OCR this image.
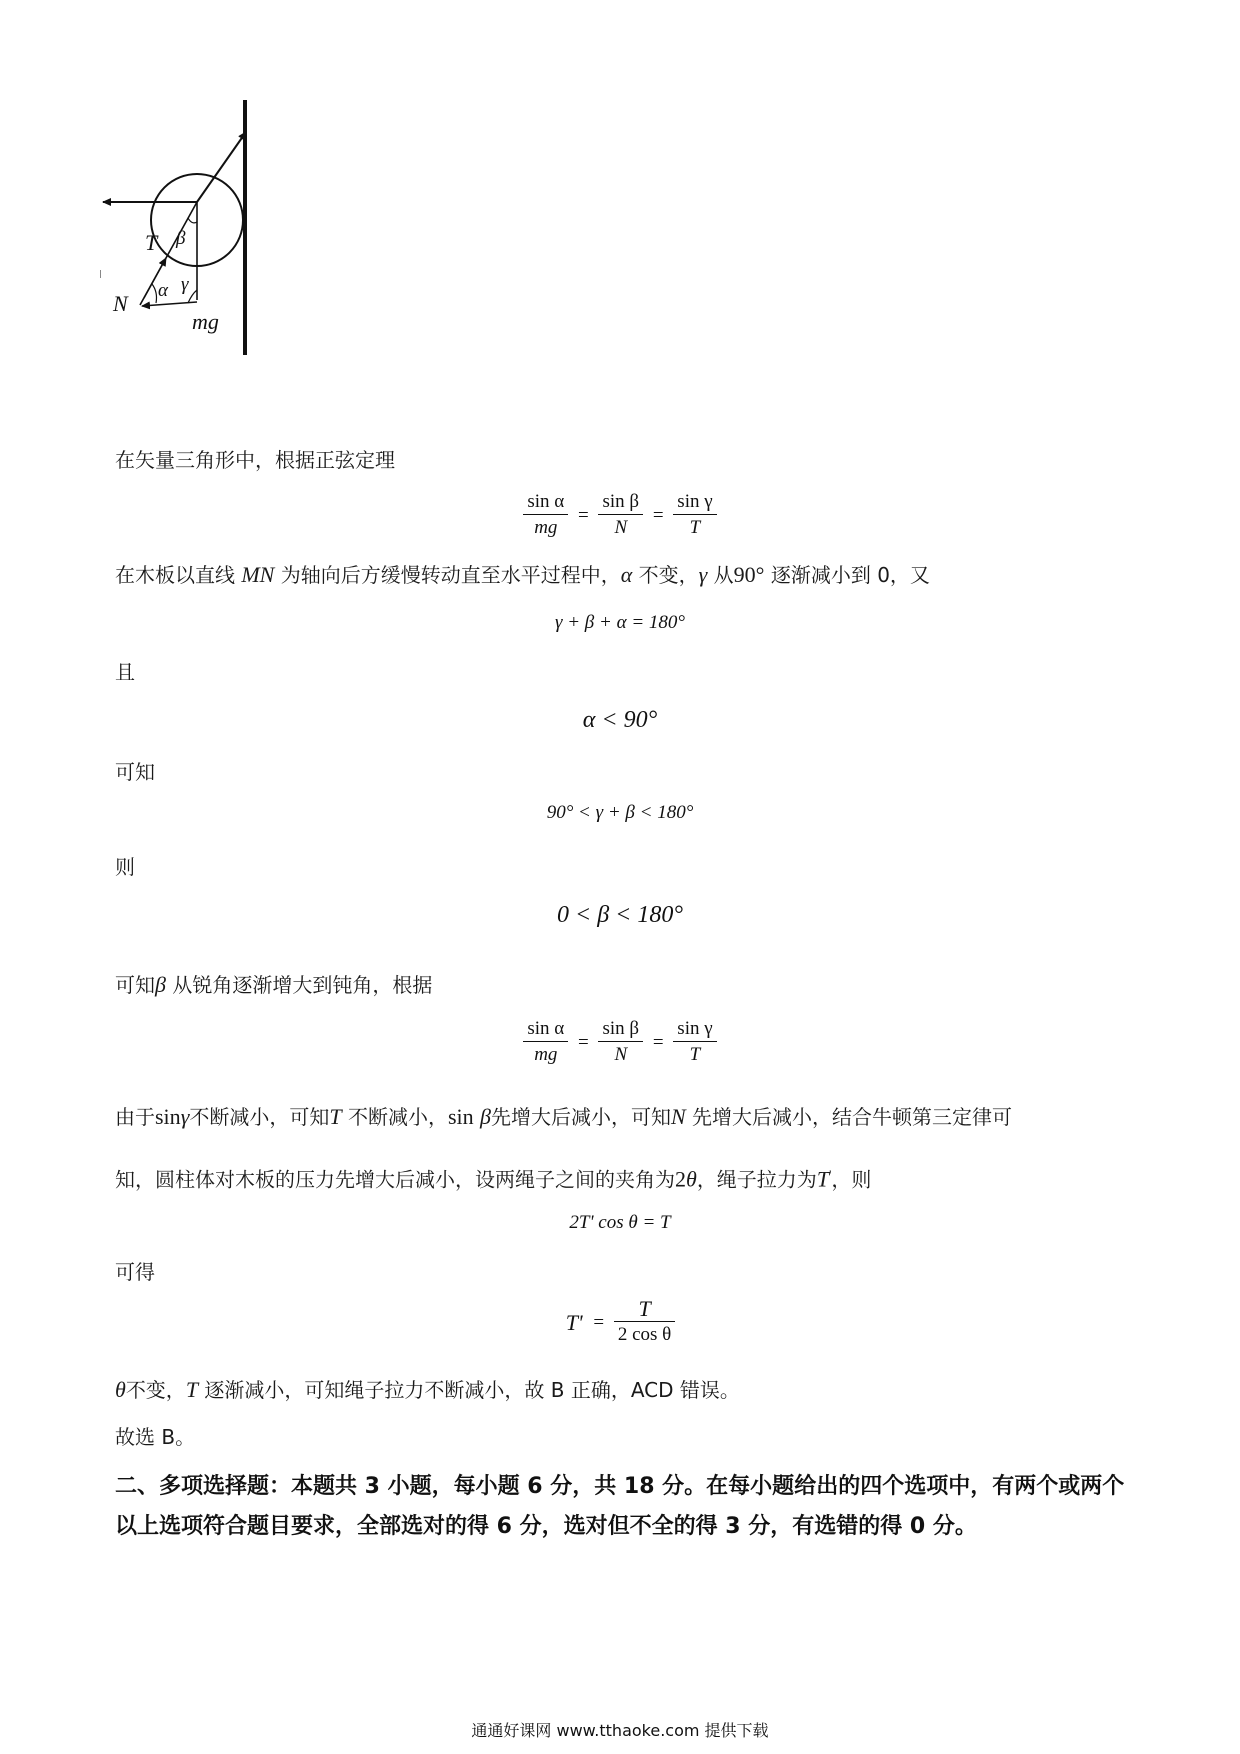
T β
α γ
N
mg
在矢量三角形中，根据正弦定理
$\frac{\text{sin α}}{mg} = \frac{\text{sin β}}{N} = \frac{\text{sin γ}}{T}$
在木板以直线 MN 为轴向后方缓慢转动直至水平过程中，α 不变，γ 从90° 逐渐减小到 0，又
γ + β + α = 180°
且
α < 90°
可知
90° < γ + β < 180°
则
0 < β < 180°
可知β 从锐角逐渐增大到钝角，根据
$\frac{\text{sin α}}{mg} = \frac{\text{sin β}}{N} = \frac{\text{sin γ}}{T}$
由于sinγ不断减小，可知T 不断减小，sin β先增大后减小，可知N 先增大后减小，结合牛顿第三定律可
知，圆柱体对木板的压力先增大后减小，设两绳子之间的夹角为2θ，绳子拉力为T'，则
2T' cos θ = T
可得
$T' = \frac{T}{\text{2 cos θ}}$
θ不变，T 逐渐减小，可知绳子拉力不断减小，故 B 正确，ACD 错误。
故选 B。
二、多项选择题：本题共 3 小题，每小题 6 分，共 18 分。在每小题给出的四个选项中，有两个或两个以上选项符合题目要求，全部选对的得 6 分，选对但不全的得 3 分，有选错的得 0 分。
通通好课网 www.tthaoke.com 提供下载
